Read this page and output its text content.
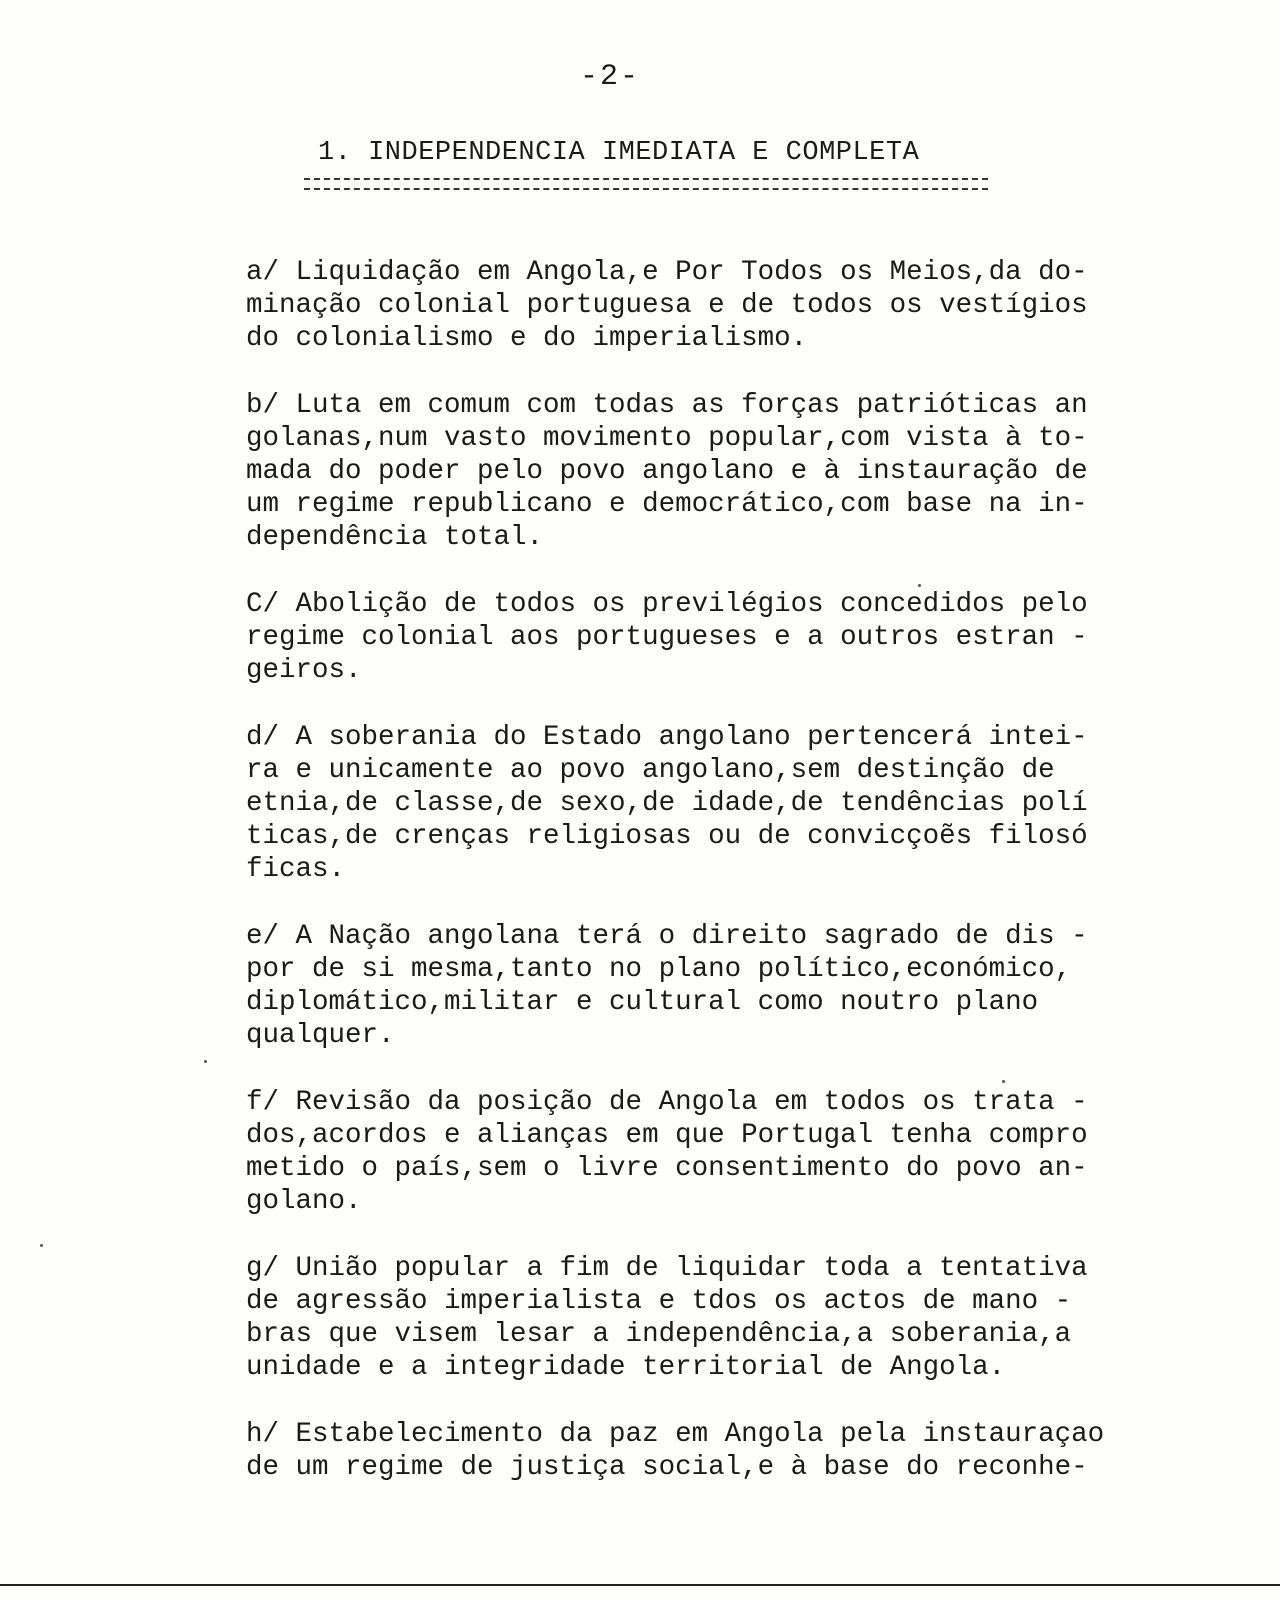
-2-
1. INDEPENDENCIA IMEDIATA E COMPLETA
a/ Liquidação em Angola,e Por Todos os Meios,da do-
minação colonial portuguesa e de todos os vestígios
do colonialismo e do imperialismo.
b/ Luta em comum com todas as forças patrióticas an
golanas,num vasto movimento popular,com vista à to-
mada do poder pelo povo angolano e à instauração de
um regime republicano e democrático,com base na in-
dependência total.
C/ Abolição de todos os previlégios concedidos pelo
regime colonial aos portugueses e a outros estran -
geiros.
d/ A soberania do Estado angolano pertencerá intei-
ra e unicamente ao povo angolano,sem destinção de
etnia,de classe,de sexo,de idade,de tendências polí
ticas,de crenças religiosas ou de convicçoẽs filosó
ficas.
e/ A Nação angolana terá o direito sagrado de dis -
por de si mesma,tanto no plano político,económico,
diplomático,militar e cultural como noutro plano
qualquer.
f/ Revisão da posição de Angola em todos os trata -
dos,acordos e alianças em que Portugal tenha compro
metido o país,sem o livre consentimento do povo an-
golano.
g/ União popular a fim de liquidar toda a tentativa
de agressão imperialista e tdos os actos de mano -
bras que visem lesar a independência,a soberania,a
unidade e a integridade territorial de Angola.
h/ Estabelecimento da paz em Angola pela instauraçao
de um regime de justiça social,e à base do reconhe-
